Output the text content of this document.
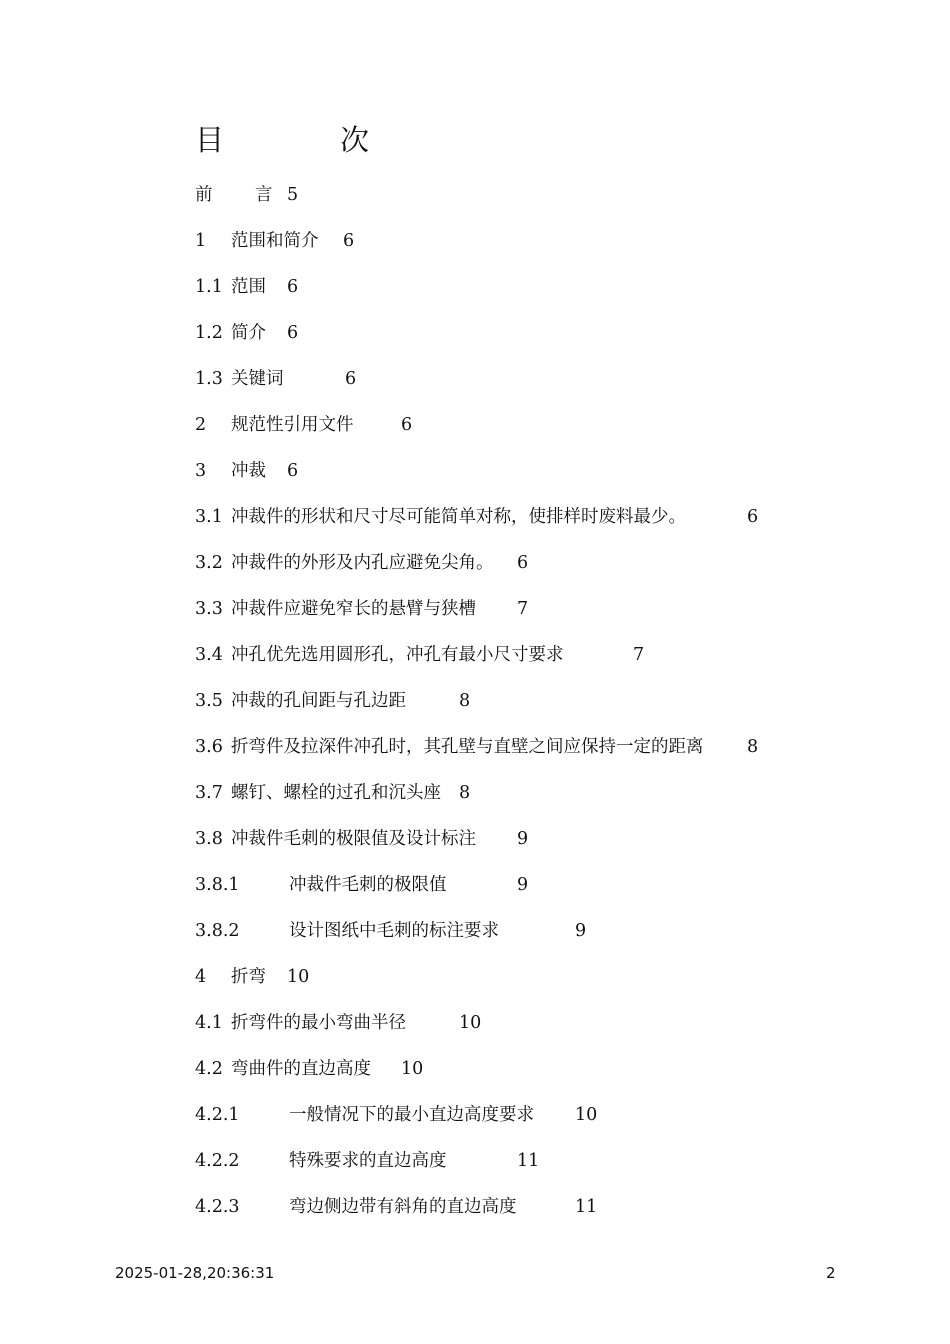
目	次
前 言 5
1 范围和简介 6
1.1 范围 6
1.2 简介 6
1.3 关键词	6
2 规范性引用文件	6
3 冲裁 6
3.1 冲裁件的形状和尺寸尽可能简单对称，使排样时废料最少。	6
3.2 冲裁件的外形及内孔应避免尖角。 6
3.3 冲裁件应避免窄长的悬臂与狭槽 7
3.4 冲孔优先选用圆形孔，冲孔有最小尺寸要求	7
3.5 冲裁的孔间距与孔边距	8
3.6 折弯件及拉深件冲孔时，其孔壁与直壁之间应保持一定的距离 8
3.7 螺钉、螺栓的过孔和沉头座 8
3.8 冲裁件毛刺的极限值及设计标注 9
3.8.1	冲裁件毛刺的极限值	9
3.8.2	设计图纸中毛刺的标注要求	9
4 折弯 10
4.1 折弯件的最小弯曲半径	10
4.2 弯曲件的直边高度 10
4.2.1	一般情况下的最小直边高度要求 10
4.2.2	特殊要求的直边高度	11
4.2.3	弯边侧边带有斜角的直边高度	11
2025-01-28,20:36:31	2
